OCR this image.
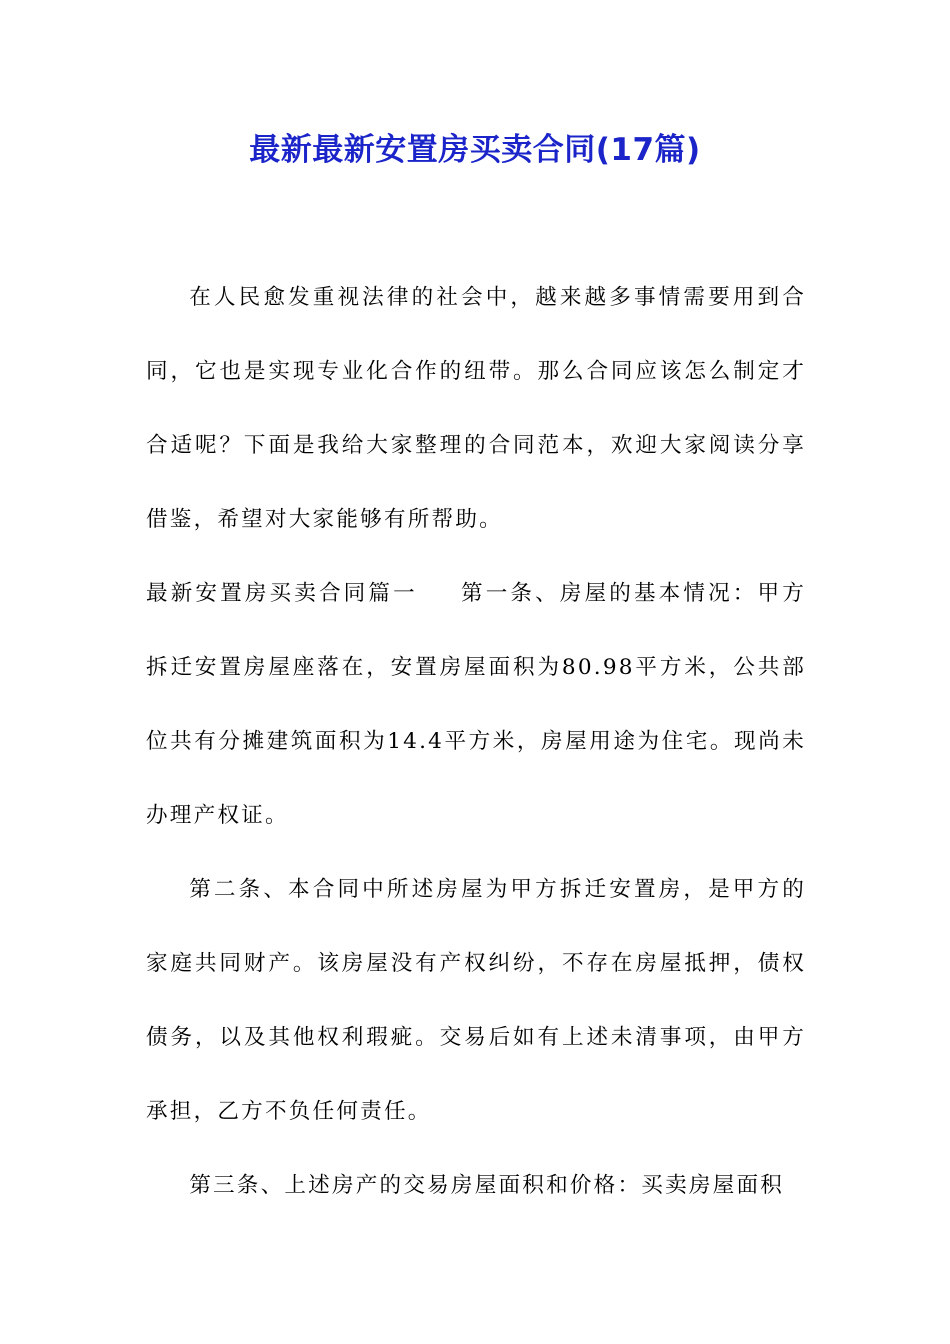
最新最新安置房买卖合同(17篇)

在人民愈发重视法律的社会中，越来越多事情需要用到合同，它也是实现专业化合作的纽带。那么合同应该怎么制定才合适呢？下面是我给大家整理的合同范本，欢迎大家阅读分享借鉴，希望对大家能够有所帮助。

最新安置房买卖合同篇一 第一条、房屋的基本情况：甲方拆迁安置房屋座落在，安置房屋面积为80.98平方米，公共部位共有分摊建筑面积为14.4平方米，房屋用途为住宅。现尚未办理产权证。

第二条、本合同中所述房屋为甲方拆迁安置房，是甲方的家庭共同财产。该房屋没有产权纠纷，不存在房屋抵押，债权债务，以及其他权利瑕疵。交易后如有上述未清事项，由甲方承担，乙方不负任何责任。

第三条、上述房产的交易房屋面积和价格：买卖房屋面积
